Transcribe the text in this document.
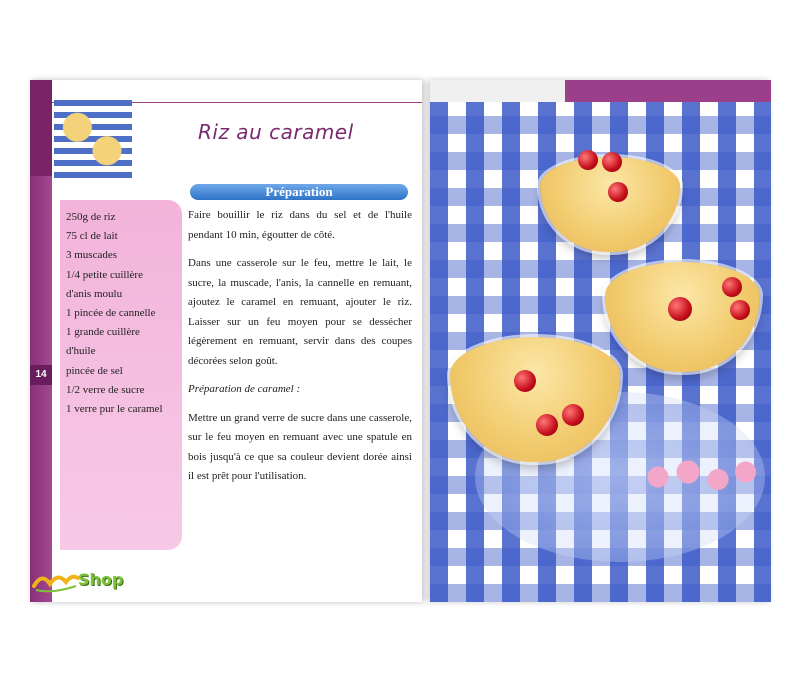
Riz au caramel
Préparation
250g de riz
75 cl de lait
3 muscades
1/4 petite cuillère
d'anis moulu
1 pincée de cannelle
1 grande cuillère
d'huile
pincée de sel
1/2 verre de sucre
1 verre pur le caramel
14

Faire bouillir le riz dans du sel et de l'huile pendant 10 min, égoutter de côté.

Dans une casserole sur le feu, mettre le lait, le sucre, la muscade, l'anis, la cannelle en remuant, ajoutez le caramel en remuant, ajouter le riz. Laisser sur un feu moyen pour se dessécher légèrement en remuant, servir dans des coupes décorées selon goût.

Préparation de caramel :

Mettre un grand verre de sucre dans une casserole, sur le feu moyen en remuant avec une spatule en bois jusqu'à ce que sa couleur devient dorée ainsi il est prêt pour l'utilisation.

Shop
